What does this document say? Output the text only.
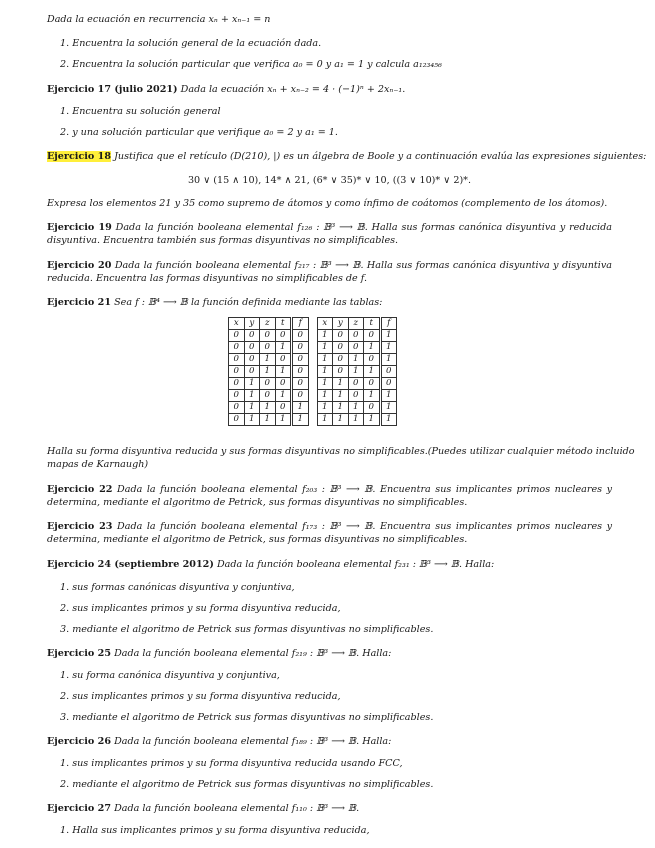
Dada la ecuación en recurrencia xₙ + xₙ₋₁ = n
1. Encuentra la solución general de la ecuación dada.
2. Encuentra la solución particular que verifica a₀ = 0 y a₁ = 1 y calcula a₁₂₃₄₅₆
Ejercicio 17 (julio 2021) Dada la ecuación xₙ + xₙ₋₂ = 4 · (−1)ⁿ + 2xₙ₋₁.
1. Encuentra su solución general
2. y una solución particular que verifique a₀ = 2 y a₁ = 1.
Ejercicio 18 Justifica que el retículo (D(210), |) es un álgebra de Boole y a continuación evalúa las expresiones siguientes:
30 ∨ (15 ∧ 10), 14* ∧ 21, (6* ∨ 35)* ∨ 10, ((3 ∨ 10)* ∨ 2)*.
Expresa los elementos 21 y 35 como supremo de átomos y como ínfimo de coátomos (complemento de los átomos).
Ejercicio 19 Dada la función booleana elemental f₁₂₆ : 𝔹³ ⟶ 𝔹. Halla sus formas canónica disyuntiva y reducida
disyuntiva. Encuentra también sus formas disyuntivas no simplificables.
Ejercicio 20 Dada la función booleana elemental f₂₁₇ : 𝔹³ ⟶ 𝔹. Halla sus formas canónica disyuntiva y disyuntiva
reducida. Encuentra las formas disyuntivas no simplificables de f.
Ejercicio 21 Sea f : 𝔹⁴ ⟶ 𝔹 la función definida mediante las tablas:
x	y	z	t	f		x	y	z	t	f
0	0	0	0	0		1	0	0	0	1
0	0	0	1	0		1	0	0	1	1
0	0	1	0	0		1	0	1	0	1
0	0	1	1	0		1	0	1	1	0
0	1	0	0	0		1	1	0	0	0
0	1	0	1	0		1	1	0	1	1
0	1	1	0	1		1	1	1	0	1
0	1	1	1	1		1	1	1	1	1
Halla su forma disyuntiva reducida y sus formas disyuntivas no simplificables.(Puedes utilizar cualquier método incluido
mapas de Karnaugh)
Ejercicio 22 Dada la función booleana elemental f₂₀₃ : 𝔹³ ⟶ 𝔹. Encuentra sus implicantes primos nucleares y
determina, mediante el algoritmo de Petrick, sus formas disyuntivas no simplificables.
Ejercicio 23 Dada la función booleana elemental f₁₇₃ : 𝔹³ ⟶ 𝔹. Encuentra sus implicantes primos nucleares y
determina, mediante el algoritmo de Petrick, sus formas disyuntivas no simplificables.
Ejercicio 24 (septiembre 2012) Dada la función booleana elemental f₂₃₁ : 𝔹³ ⟶ 𝔹. Halla:
1. sus formas canónicas disyuntiva y conjuntiva,
2. sus implicantes primos y su forma disyuntiva reducida,
3. mediante el algoritmo de Petrick sus formas disyuntivas no simplificables.
Ejercicio 25 Dada la función booleana elemental f₂₁₉ : 𝔹³ ⟶ 𝔹. Halla:
1. su forma canónica disyuntiva y conjuntiva,
2. sus implicantes primos y su forma disyuntiva reducida,
3. mediante el algoritmo de Petrick sus formas disyuntivas no simplificables.
Ejercicio 26 Dada la función booleana elemental f₁₈₉ : 𝔹³ ⟶ 𝔹. Halla:
1. sus implicantes primos y su forma disyuntiva reducida usando FCC,
2. mediante el algoritmo de Petrick sus formas disyuntivas no simplificables.
Ejercicio 27 Dada la función booleana elemental f₁₁₀ : 𝔹³ ⟶ 𝔹.
1. Halla sus implicantes primos y su forma disyuntiva reducida,
